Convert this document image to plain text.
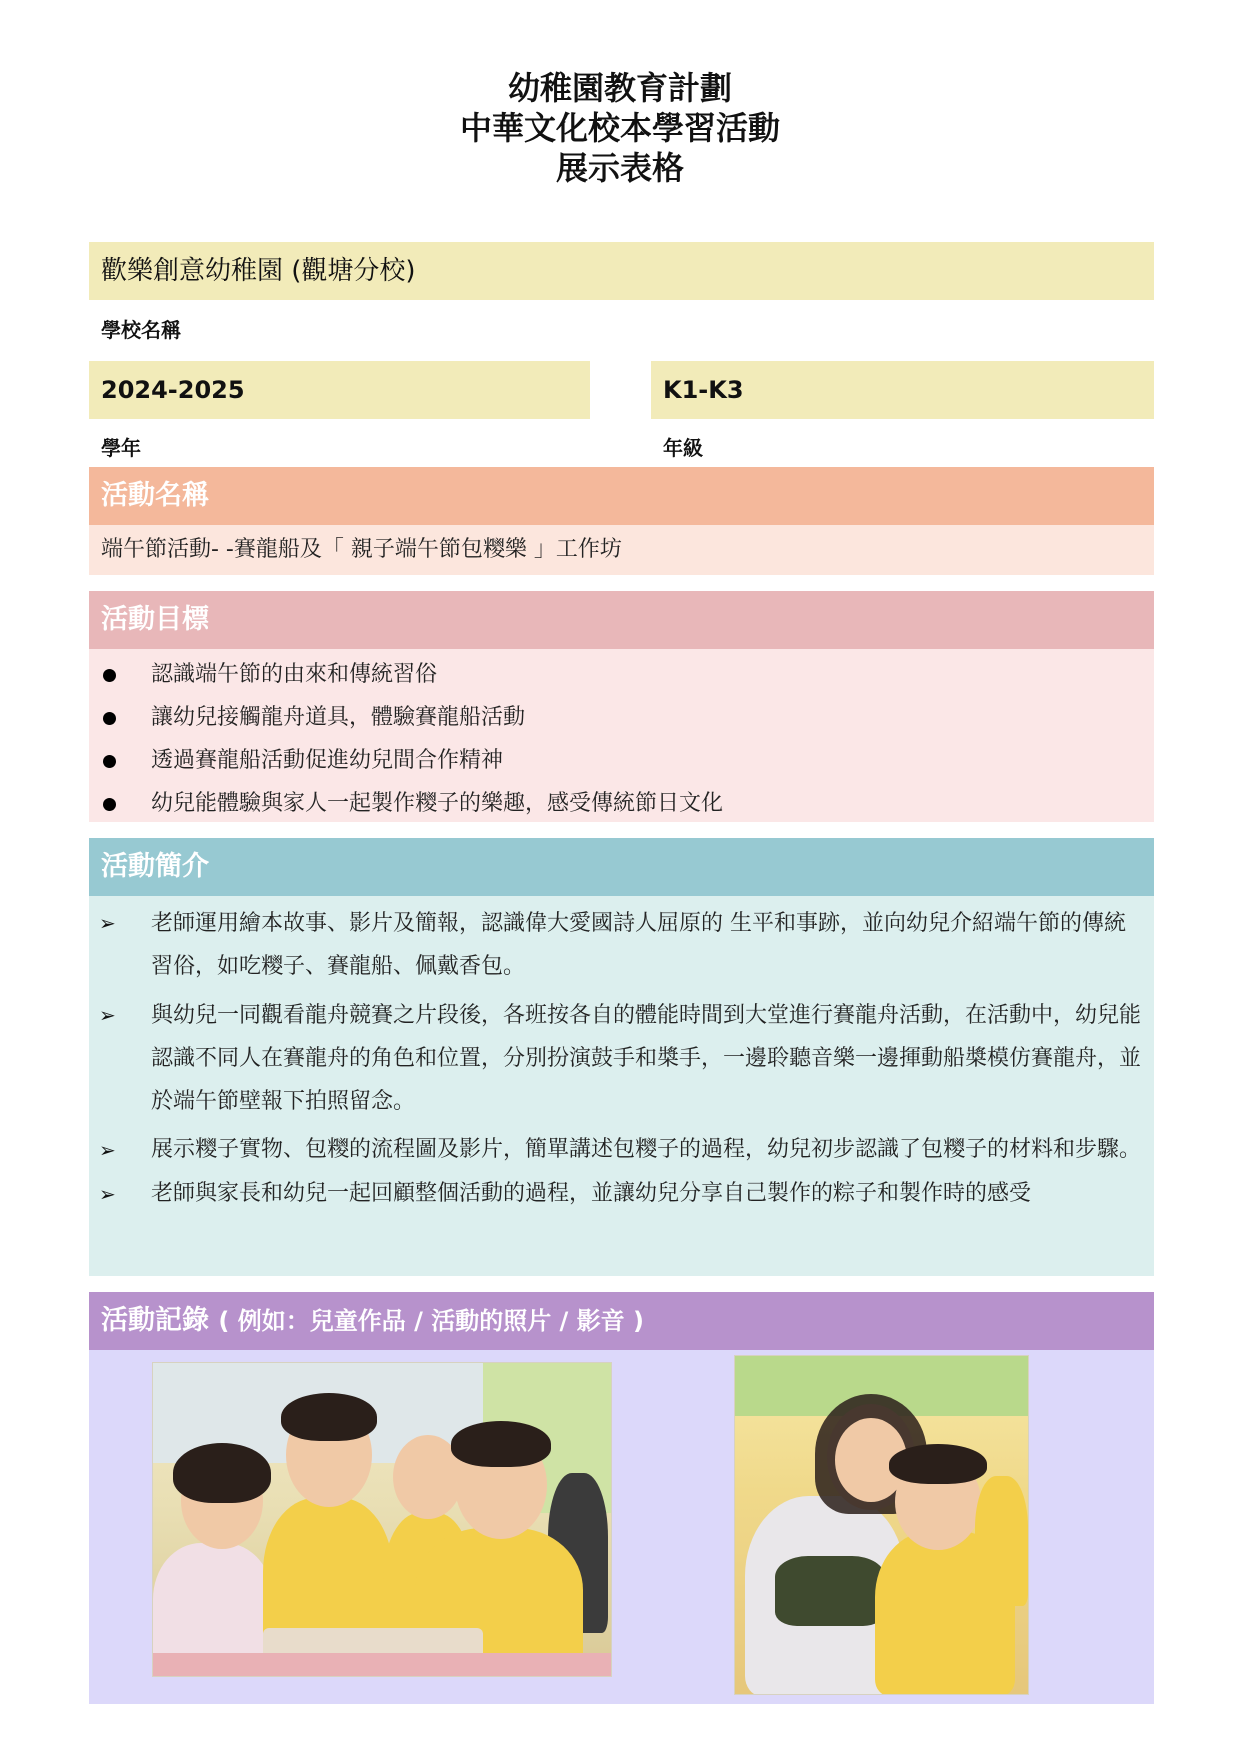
幼稚園教育計劃
中華文化校本學習活動
展示表格
歡樂創意幼稚園 (觀塘分校)
學校名稱
2024-2025
學年
K1-K3
年級
活動名稱
端午節活動- -賽龍船及「 親子端午節包糭樂 」工作坊
活動目標
認識端午節的由來和傳統習俗
讓幼兒接觸龍舟道具，體驗賽龍船活動
透過賽龍船活動促進幼兒間合作精神
幼兒能體驗與家人一起製作糭子的樂趣，感受傳統節日文化
活動簡介
➢ 老師運用繪本故事、影片及簡報，認識偉大愛國詩人屈原的 生平和事跡，並向幼兒介紹端午節的傳統習俗，如吃糭子、賽龍船、佩戴香包。
➢ 與幼兒一同觀看龍舟競賽之片段後，各班按各自的體能時間到大堂進行賽龍舟活動，在活動中，幼兒能認識不同人在賽龍舟的角色和位置，分別扮演鼓手和槳手，一邊聆聽音樂一邊揮動船槳模仿賽龍舟，並於端午節壁報下拍照留念。
➢ 展示糭子實物、包糭的流程圖及影片，簡單講述包糭子的過程，幼兒初步認識了包糭子的材料和步驟。
➢ 老師與家長和幼兒一起回顧整個活動的過程，並讓幼兒分享自己製作的粽子和製作時的感受
活動記錄 ( 例如：兒童作品 / 活動的照片 / 影音 )
